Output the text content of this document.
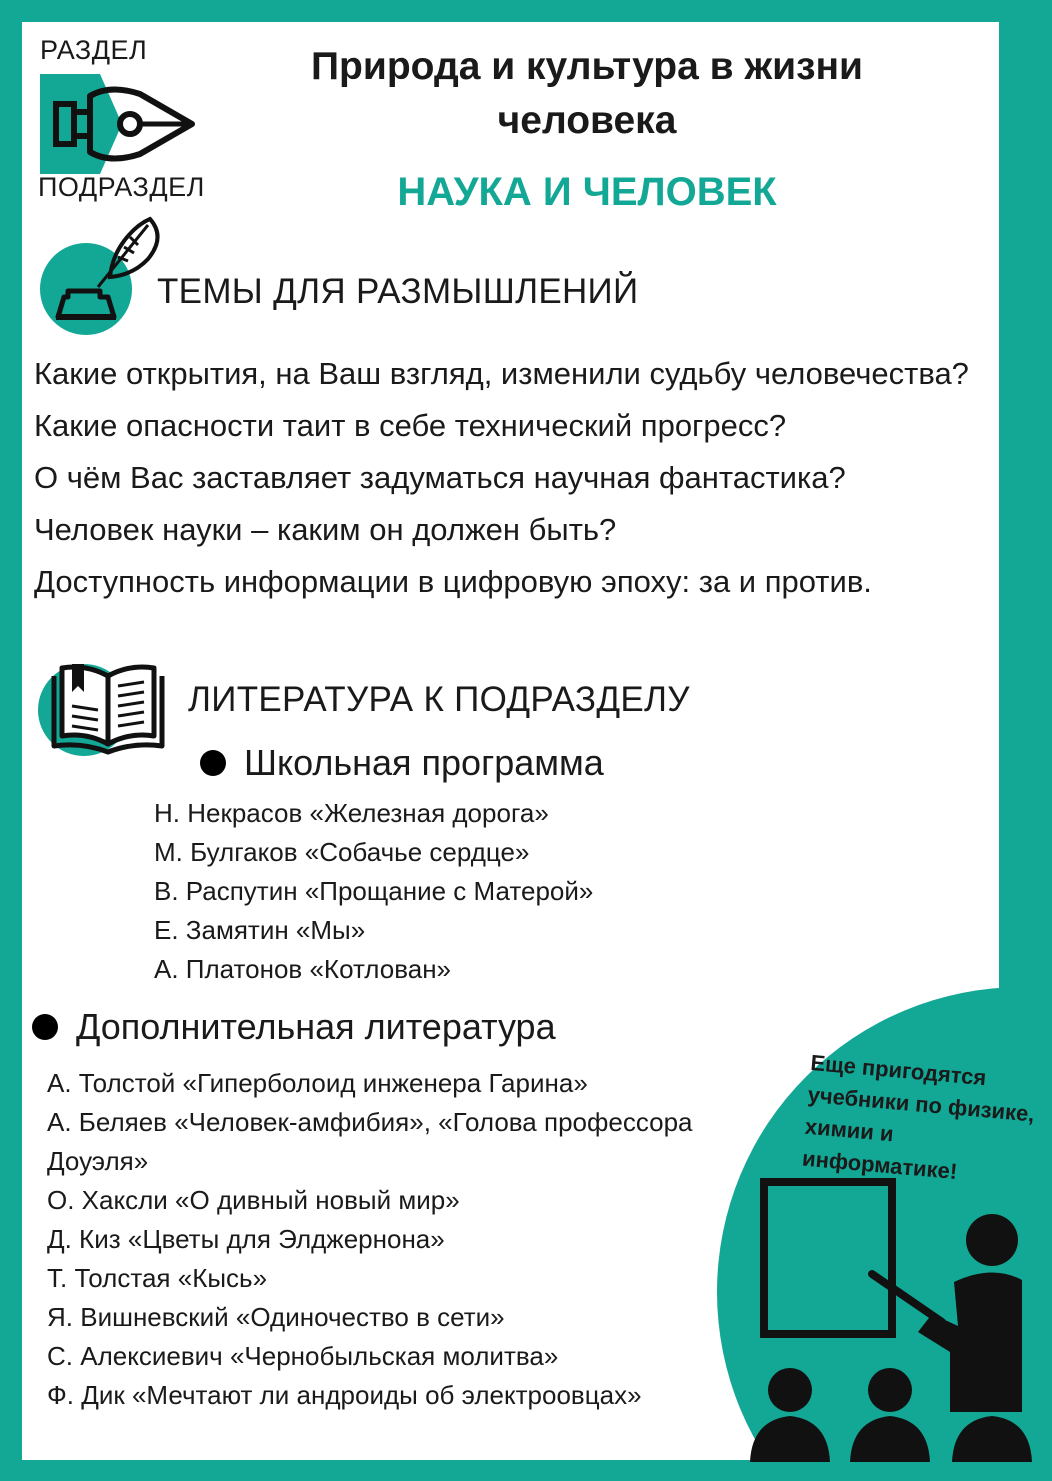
РАЗДЕЛ
ПОДРАЗДЕЛ
Природа и культура в жизни человека
НАУКА И ЧЕЛОВЕК
ТЕМЫ ДЛЯ РАЗМЫШЛЕНИЙ
Какие открытия, на Ваш взгляд, изменили судьбу человечества?
Какие опасности таит в себе технический прогресс?
О чём Вас заставляет задуматься научная фантастика?
Человек науки – каким он должен быть?
Доступность информации в цифровую эпоху: за и против.
ЛИТЕРАТУРА К ПОДРАЗДЕЛУ
Школьная программа
Н. Некрасов «Железная дорога»
М. Булгаков «Собачье сердце»
В. Распутин «Прощание с Матерой»
Е. Замятин «Мы»
А. Платонов «Котлован»
Дополнительная литература
Еще пригодятся учебники по физике, химии и информатике!
А. Толстой «Гиперболоид инженера Гарина»
А. Беляев «Человек-амфибия», «Голова профессора Доуэля»
О. Хаксли «О дивный новый мир»
Д. Киз «Цветы для Элджернона»
Т. Толстая «Кысь»
Я. Вишневский «Одиночество в сети»
С. Алексиевич «Чернобыльская молитва»
Ф. Дик «Мечтают ли андроиды об электроовцах»
